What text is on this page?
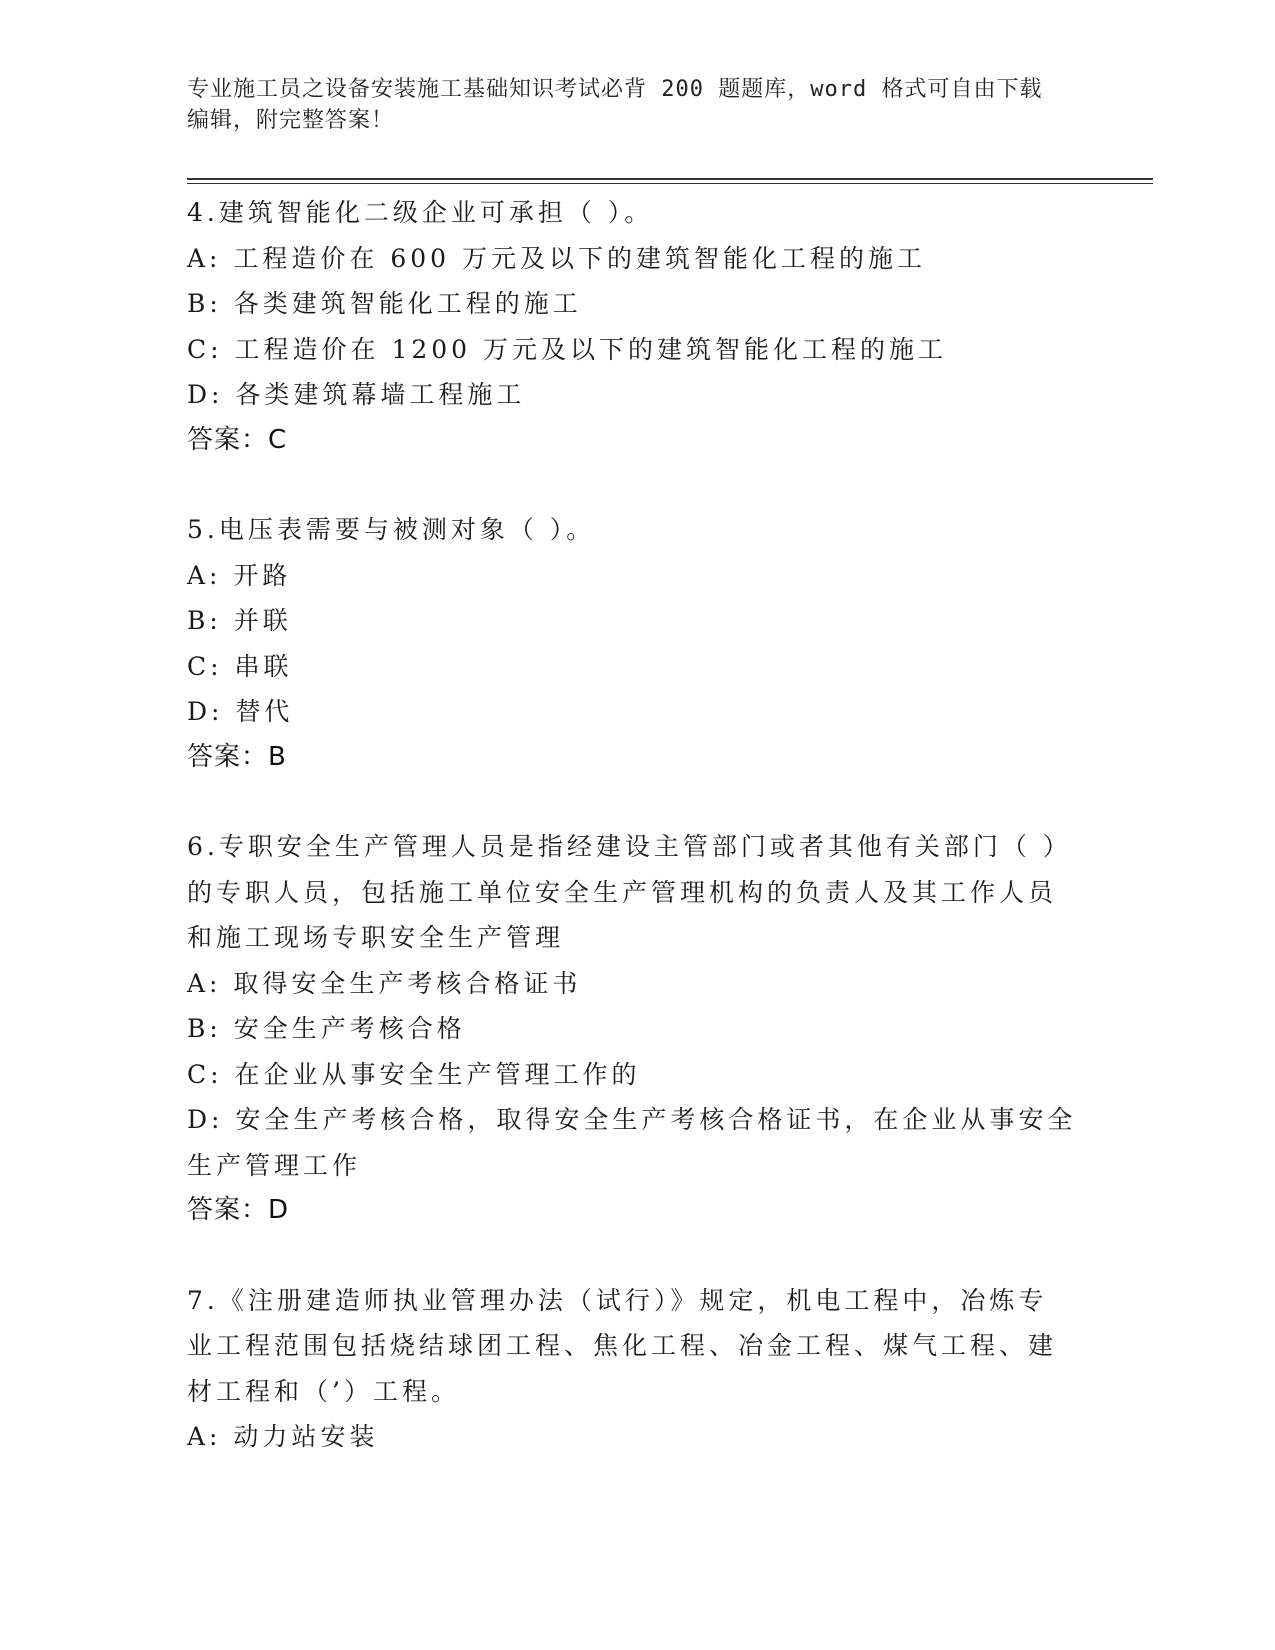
专业施工员之设备安装施工基础知识考试必背 200 题题库，word 格式可自由下载
编辑，附完整答案！
4.建筑智能化二级企业可承担（ ）。
A: 工程造价在 600 万元及以下的建筑智能化工程的施工
B: 各类建筑智能化工程的施工
C: 工程造价在 1200 万元及以下的建筑智能化工程的施工
D: 各类建筑幕墙工程施工
答案：C
5.电压表需要与被测对象（ ）。
A: 开路
B: 并联
C: 串联
D: 替代
答案：B
6.专职安全生产管理人员是指经建设主管部门或者其他有关部门（ ）
的专职人员，包括施工单位安全生产管理机构的负责人及其工作人员
和施工现场专职安全生产管理
A: 取得安全生产考核合格证书
B: 安全生产考核合格
C: 在企业从事安全生产管理工作的
D: 安全生产考核合格，取得安全生产考核合格证书，在企业从事安全
生产管理工作
答案：D
7.《注册建造师执业管理办法（试行）》规定，机电工程中，冶炼专
业工程范围包括烧结球团工程、焦化工程、冶金工程、煤气工程、建
材工程和（’）工程。
A: 动力站安装
